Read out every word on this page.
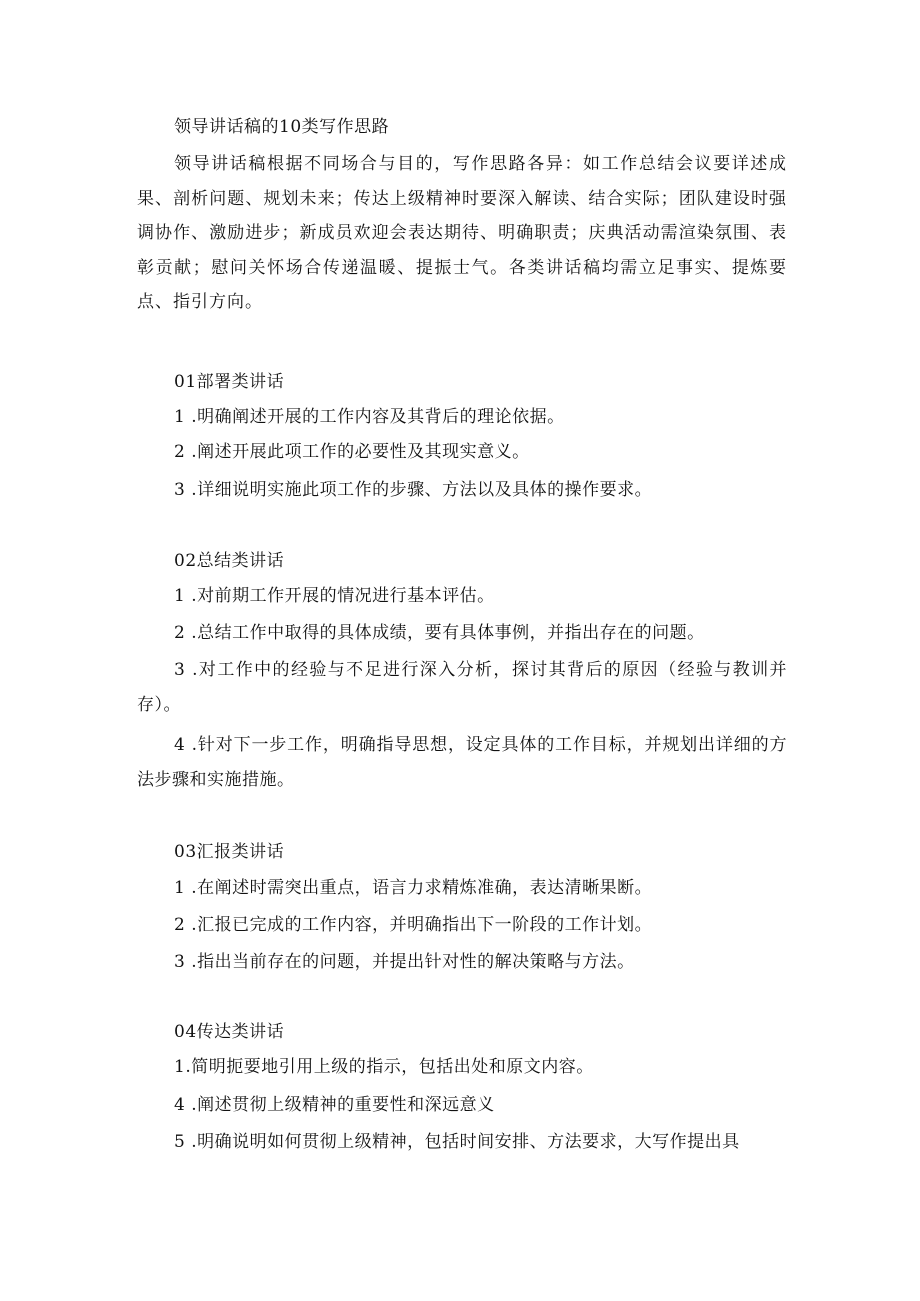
领导讲话稿的10类写作思路

领导讲话稿根据不同场合与目的，写作思路各异：如工作总结会议要详述成果、剖析问题、规划未来；传达上级精神时要深入解读、结合实际；团队建设时强调协作、激励进步；新成员欢迎会表达期待、明确职责；庆典活动需渲染氛围、表彰贡献；慰问关怀场合传递温暖、提振士气。各类讲话稿均需立足事实、提炼要点、指引方向。

01部署类讲话

1 .明确阐述开展的工作内容及其背后的理论依据。

2 .阐述开展此项工作的必要性及其现实意义。

3 .详细说明实施此项工作的步骤、方法以及具体的操作要求。

02总结类讲话

1 .对前期工作开展的情况进行基本评估。

2 .总结工作中取得的具体成绩，要有具体事例，并指出存在的问题。

3 .对工作中的经验与不足进行深入分析，探讨其背后的原因（经验与教训并存）。

4 .针对下一步工作，明确指导思想，设定具体的工作目标，并规划出详细的方法步骤和实施措施。

03汇报类讲话

1 .在阐述时需突出重点，语言力求精炼准确，表达清晰果断。

2 .汇报已完成的工作内容，并明确指出下一阶段的工作计划。

3 .指出当前存在的问题，并提出针对性的解决策略与方法。

04传达类讲话

1.简明扼要地引用上级的指示，包括出处和原文内容。

4 .阐述贯彻上级精神的重要性和深远意义

5 .明确说明如何贯彻上级精神，包括时间安排、方法要求，大写作提出具
